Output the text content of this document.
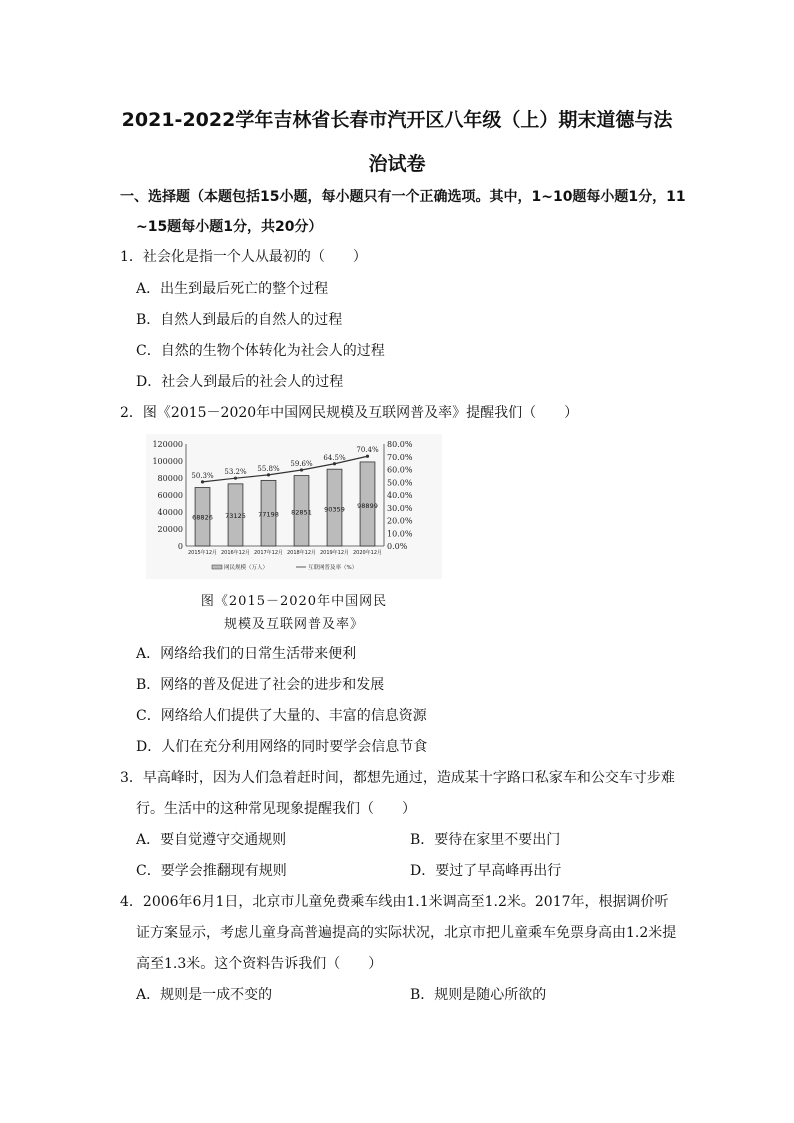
2021-2022学年吉林省长春市汽开区八年级（上）期末道德与法
治试卷
一、选择题（本题包括15小题，每小题只有一个正确选项。其中，1~10题每小题1分，11
~15题每小题1分，共20分）
1．社会化是指一个人从最初的（　　）
A．出生到最后死亡的整个过程
B．自然人到最后的自然人的过程
C．自然的生物个体转化为社会人的过程
D．社会人到最后的社会人的过程
2．图《2015－2020年中国网民规模及互联网普及率》提醒我们（　　）
0
20000
40000
60000
80000
100000
120000
0.0%
10.0%
20.0%
30.0%
40.0%
50.0%
60.0%
70.0%
80.0%
68826
2015年12月
50.3%
73125
2016年12月
53.2%
77198
2017年12月
55.8%
82851
2018年12月
59.6%
90359
2019年12月
64.5%
98899
2020年12月
70.4%
网民规模（万人）	互联网普及率（%）
图《2015－2020年中国网民
规模及互联网普及率》
A．网络给我们的日常生活带来便利
B．网络的普及促进了社会的进步和发展
C．网络给人们提供了大量的、丰富的信息资源
D．人们在充分利用网络的同时要学会信息节食
3．早高峰时，因为人们急着赶时间，都想先通过，造成某十字路口私家车和公交车寸步难
行。生活中的这种常见现象提醒我们（　　）
A．要自觉遵守交通规则	B．要待在家里不要出门
C．要学会推翻现有规则	D．要过了早高峰再出行
4．2006年6月1日，北京市儿童免费乘车线由1.1米调高至1.2米。2017年，根据调价听
证方案显示，考虑儿童身高普遍提高的实际状况，北京市把儿童乘车免票身高由1.2米提
高至1.3米。这个资料告诉我们（　　）
A．规则是一成不变的	B．规则是随心所欲的
